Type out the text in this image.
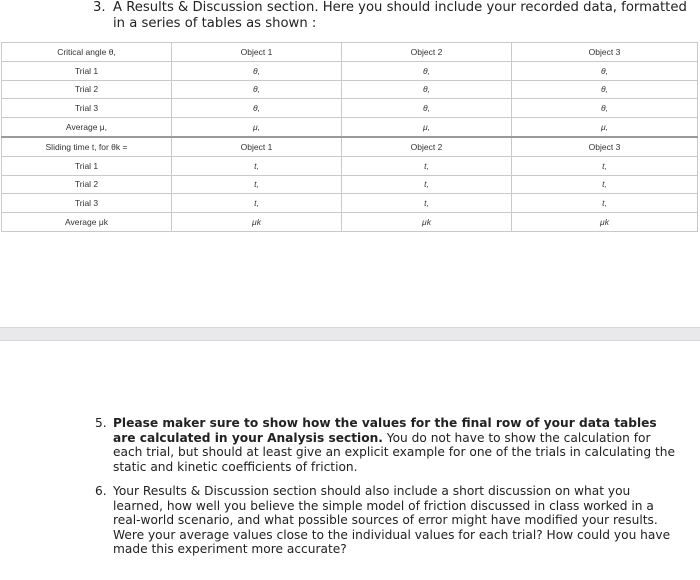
3. A Results & Discussion section. Here you should include your recorded data, formatted in a series of tables as shown :
Critical angle θ,	Object 1	Object 2	Object 3
Trial 1	θ,	θ,	θ,
Trial 2	θ,	θ,	θ,
Trial 3	θ,	θ,	θ,
Average μ,	μ,	μ,	μ,
Sliding time t, for θk =	Object 1	Object 2	Object 3
Trial 1	t,	t,	t,
Trial 2	t,	t,	t,
Trial 3	t,	t,	t,
Average μk	μk	μk	μk
5. Please maker sure to show how the values for the final row of your data tables are calculated in your Analysis section. You do not have to show the calculation for each trial, but should at least give an explicit example for one of the trials in calculating the static and kinetic coefficients of friction.
6. Your Results & Discussion section should also include a short discussion on what you learned, how well you believe the simple model of friction discussed in class worked in a real-world scenario, and what possible sources of error might have modified your results. Were your average values close to the individual values for each trial? How could you have made this experiment more accurate?
